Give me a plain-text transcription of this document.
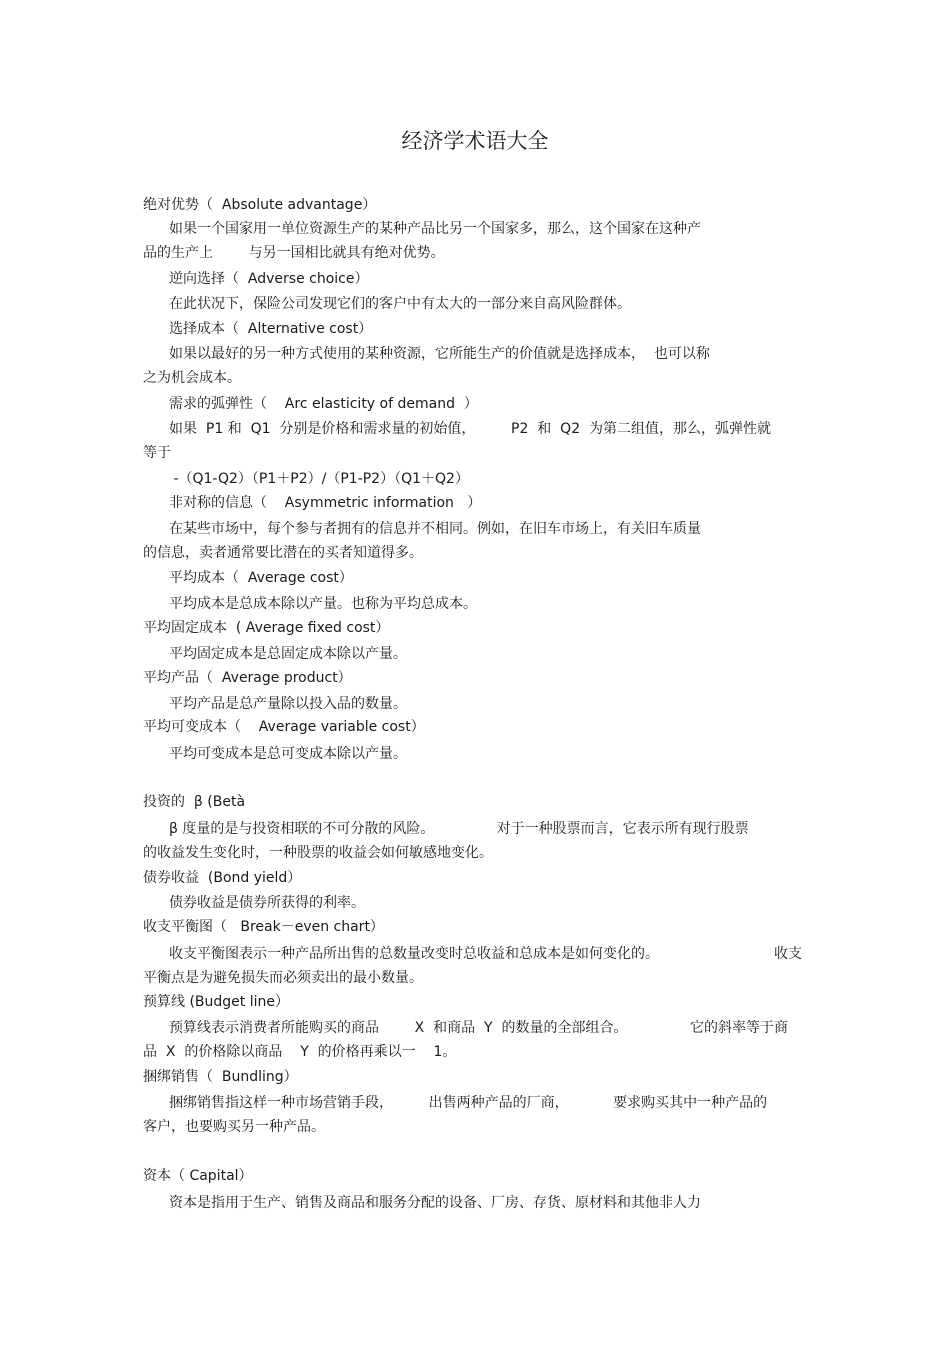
经济学术语大全
绝对优势（  Absolute advantage）
如果一个国家用一单位资源生产的某种产品比另一个国家多，那么，这个国家在这种产
品的生产上        与另一国相比就具有绝对优势。
逆向选择（  Adverse choice）
在此状况下，保险公司发现它们的客户中有太大的一部分来自高风险群体。
选择成本（  Alternative cost）
如果以最好的另一种方式使用的某种资源，它所能生产的价值就是选择成本，  也可以称
之为机会成本。
需求的弧弹性（    Arc elasticity of demand  ）
如果  P1 和  Q1  分别是价格和需求量的初始值，        P2  和  Q2  为第二组值，那么，弧弹性就
等于
-（Q1-Q2）（P1＋P2）/（P1-P2）（Q1＋Q2）
非对称的信息（    Asymmetric information   ）
在某些市场中，每个参与者拥有的信息并不相同。例如，在旧车市场上，有关旧车质量
的信息，卖者通常要比潜在的买者知道得多。
平均成本（  Average cost）
平均成本是总成本除以产量。也称为平均总成本。
平均固定成本  ( Average fixed cost）
平均固定成本是总固定成本除以产量。
平均产品（  Average product）
平均产品是总产量除以投入品的数量。
平均可变成本（    Average variable cost）
平均可变成本是总可变成本除以产量。
投资的  β (Betà
β 度量的是与投资相联的不可分散的风险。              对于一种股票而言，它表示所有现行股票
的收益发生变化时，一种股票的收益会如何敏感地变化。
债券收益  (Bond yield）
债券收益是债券所获得的利率。
收支平衡图（   Break－even chart）
收支平衡图表示一种产品所出售的总数量改变时总收益和总成本是如何变化的。	收支
平衡点是为避免损失而必须卖出的最小数量。
预算线 (Budget line）
预算线表示消费者所能购买的商品        X  和商品  Y  的数量的全部组合。	它的斜率等于商
品  X  的价格除以商品    Y  的价格再乘以一    1。
捆绑销售（  Bundling）
捆绑销售指这样一种市场营销手段，        出售两种产品的厂商，          要求购买其中一种产品的
客户，也要购买另一种产品。
资本（ Capital）
资本是指用于生产、销售及商品和服务分配的设备、厂房、存货、原材料和其他非人力
